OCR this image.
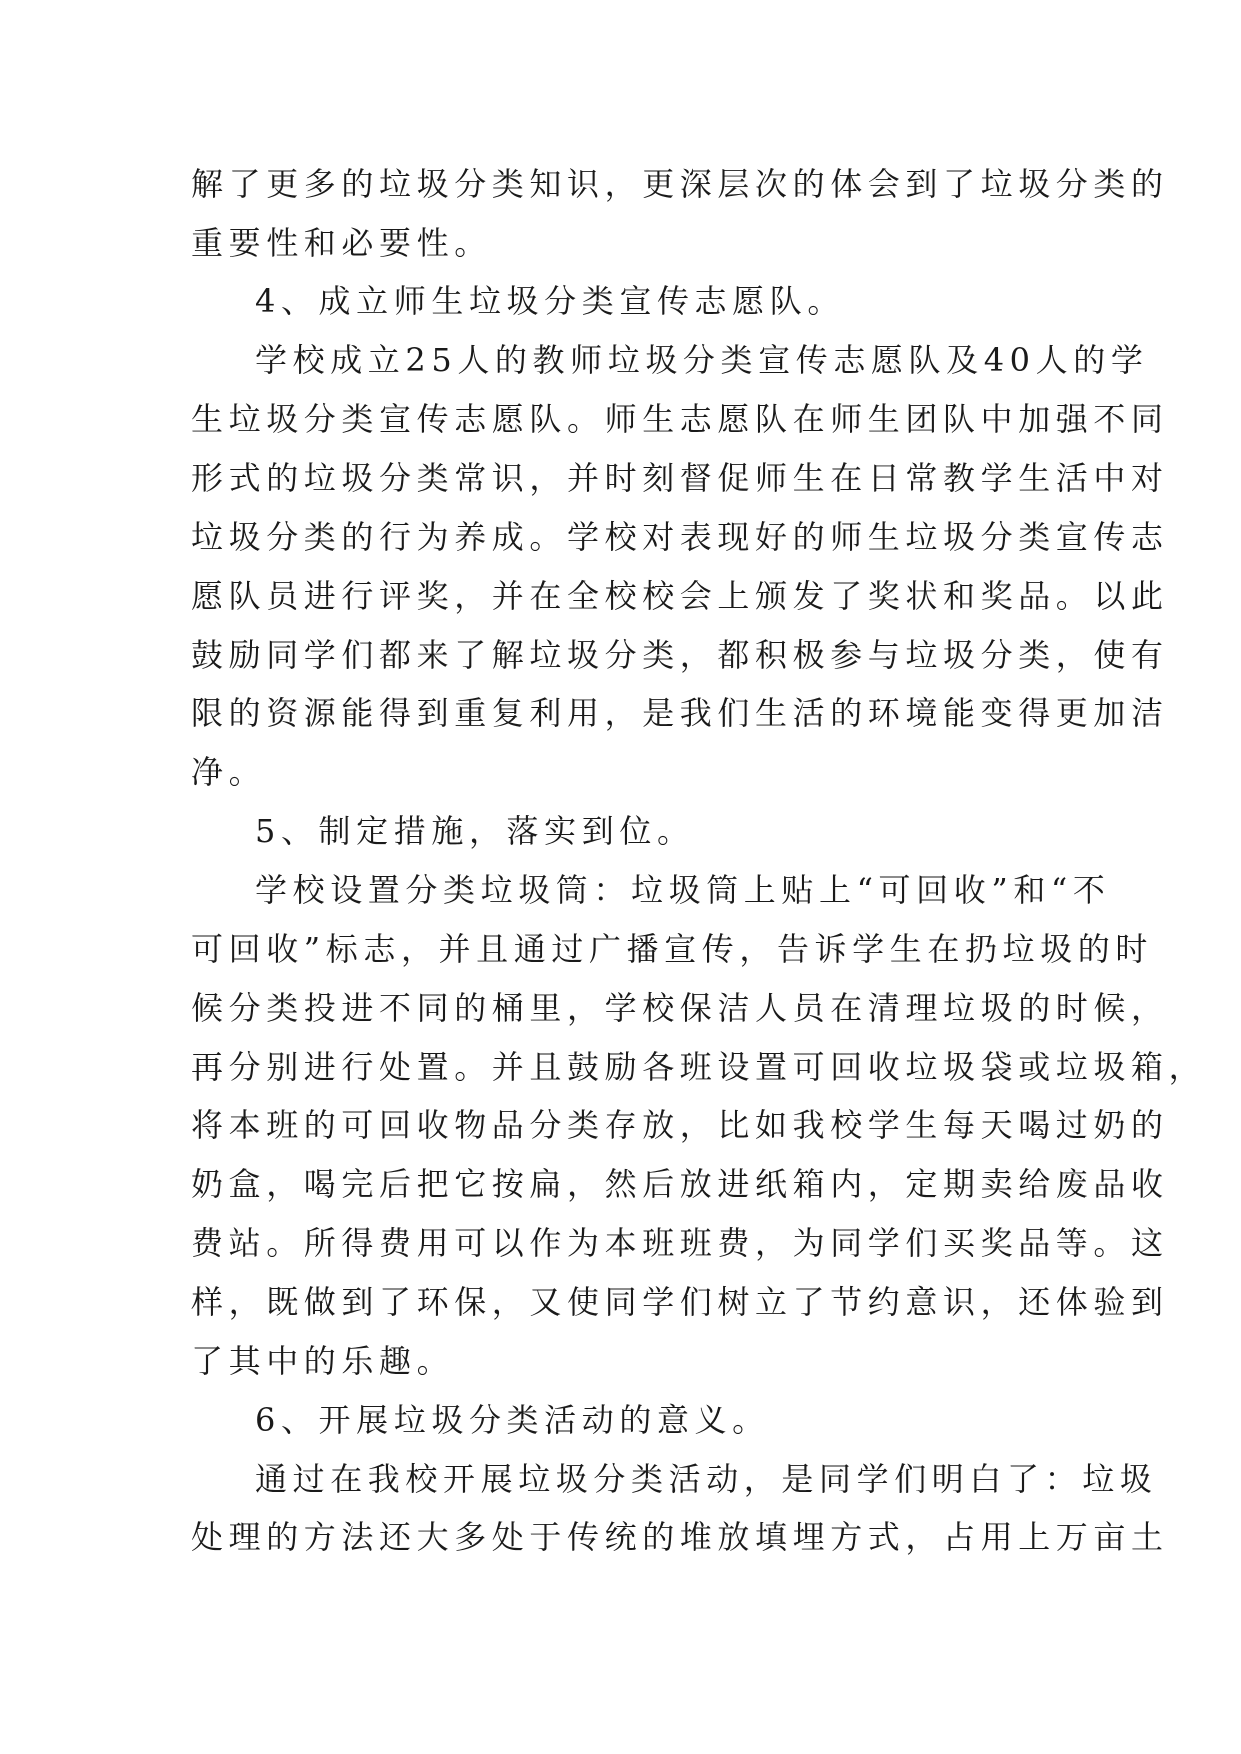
解了更多的垃圾分类知识，更深层次的体会到了垃圾分类的
重要性和必要性。
4、成立师生垃圾分类宣传志愿队。
学校成立25人的教师垃圾分类宣传志愿队及40人的学
生垃圾分类宣传志愿队。师生志愿队在师生团队中加强不同
形式的垃圾分类常识，并时刻督促师生在日常教学生活中对
垃圾分类的行为养成。学校对表现好的师生垃圾分类宣传志
愿队员进行评奖，并在全校校会上颁发了奖状和奖品。以此
鼓励同学们都来了解垃圾分类，都积极参与垃圾分类，使有
限的资源能得到重复利用，是我们生活的环境能变得更加洁
净。
5、制定措施，落实到位。
学校设置分类垃圾筒：垃圾筒上贴上“可回收”和“不
可回收”标志，并且通过广播宣传，告诉学生在扔垃圾的时
候分类投进不同的桶里，学校保洁人员在清理垃圾的时候，
再分别进行处置。并且鼓励各班设置可回收垃圾袋或垃圾箱，
将本班的可回收物品分类存放，比如我校学生每天喝过奶的
奶盒，喝完后把它按扁，然后放进纸箱内，定期卖给废品收
费站。所得费用可以作为本班班费，为同学们买奖品等。这
样，既做到了环保，又使同学们树立了节约意识，还体验到
了其中的乐趣。
6、开展垃圾分类活动的意义。
通过在我校开展垃圾分类活动，是同学们明白了：垃圾
处理的方法还大多处于传统的堆放填埋方式，占用上万亩土
